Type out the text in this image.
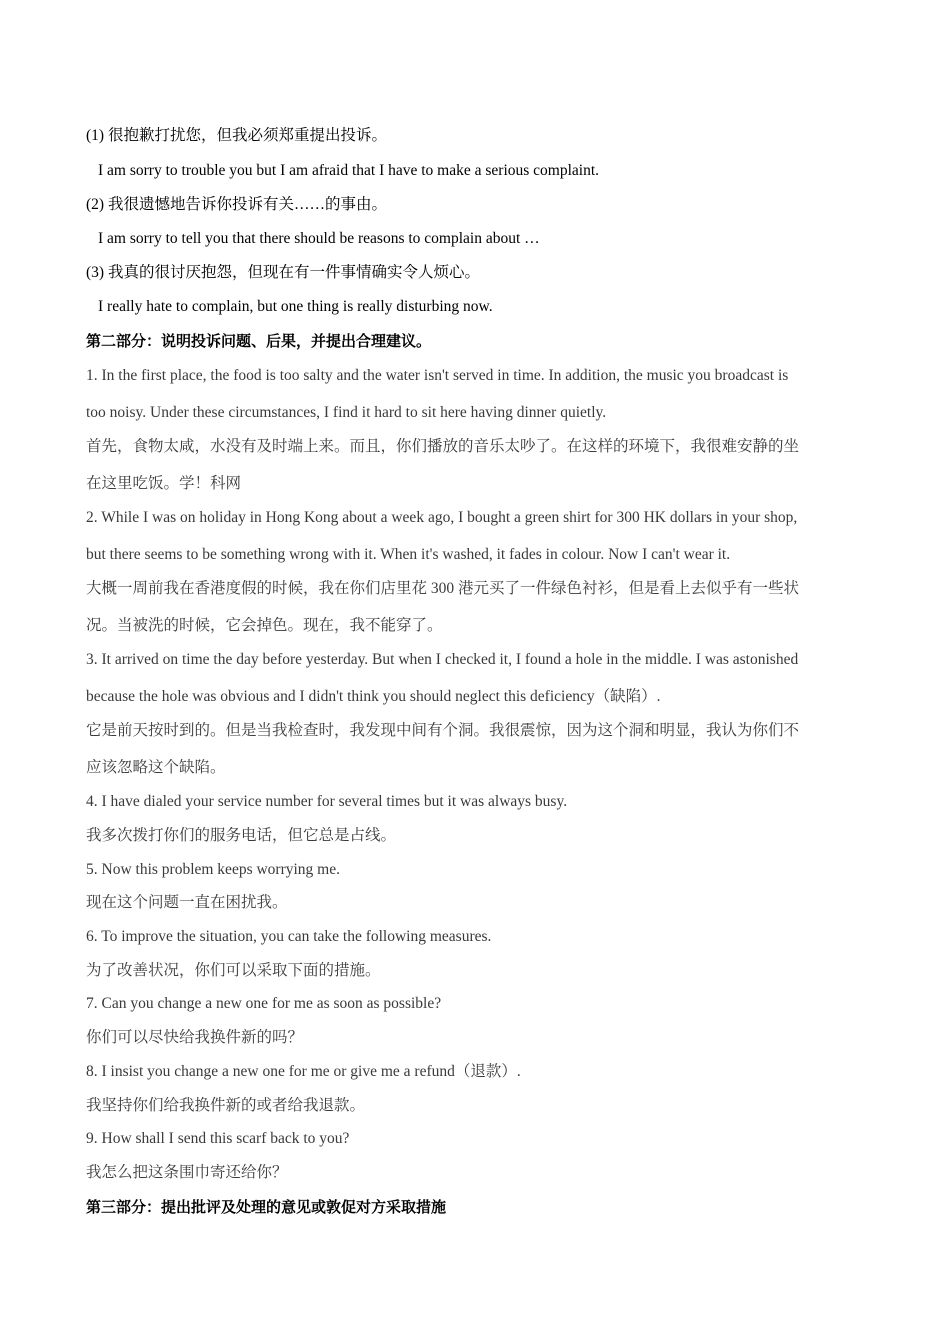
(1) 很抱歉打扰您，但我必须郑重提出投诉。
I am sorry to trouble you but I am afraid that I have to make a serious complaint.
(2) 我很遗憾地告诉你投诉有关……的事由。
I am sorry to tell you that there should be reasons to complain about …
(3) 我真的很讨厌抱怨，但现在有一件事情确实令人烦心。
I really hate to complain, but one thing is really disturbing now.
第二部分：说明投诉问题、后果，并提出合理建议。
1. In the first place, the food is too salty and the water isn't served in time. In addition, the music you broadcast is
too noisy. Under these circumstances, I find it hard to sit here having dinner quietly.
首先，食物太咸，水没有及时端上来。而且，你们播放的音乐太吵了。在这样的环境下，我很难安静的坐
在这里吃饭。学！科网
2. While I was on holiday in Hong Kong about a week ago, I bought a green shirt for 300 HK dollars in your shop,
but there seems to be something wrong with it. When it's washed, it fades in colour. Now I can't wear it.
大概一周前我在香港度假的时候，我在你们店里花 300 港元买了一件绿色衬衫，但是看上去似乎有一些状
况。当被洗的时候，它会掉色。现在，我不能穿了。
3. It arrived on time the day before yesterday. But when I checked it, I found a hole in the middle. I was astonished
because the hole was obvious and I didn't think you should neglect this deficiency（缺陷）.
它是前天按时到的。但是当我检查时，我发现中间有个洞。我很震惊，因为这个洞和明显，我认为你们不
应该忽略这个缺陷。
4. I have dialed your service number for several times but it was always busy.
我多次拨打你们的服务电话，但它总是占线。
5. Now this problem keeps worrying me.
现在这个问题一直在困扰我。
6. To improve the situation, you can take the following measures.
为了改善状况，你们可以采取下面的措施。
7. Can you change a new one for me as soon as possible?
你们可以尽快给我换件新的吗？
8. I insist you change a new one for me or give me a refund（退款）.
我坚持你们给我换件新的或者给我退款。
9. How shall I send this scarf back to you?
我怎么把这条围巾寄还给你？
第三部分：提出批评及处理的意见或敦促对方采取措施
